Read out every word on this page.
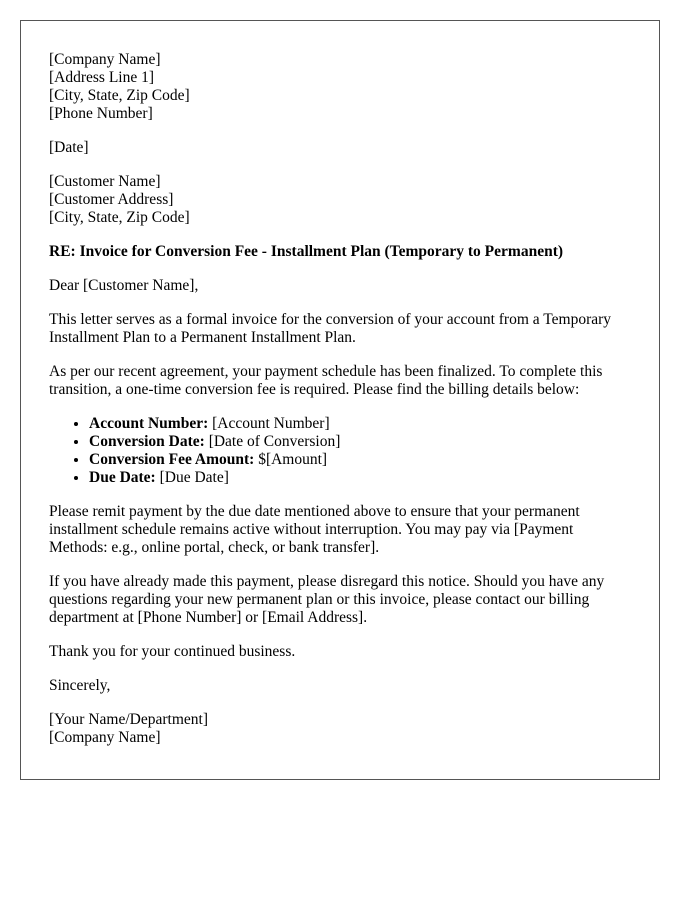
[Company Name]
[Address Line 1]
[City, State, Zip Code]
[Phone Number]
[Date]
[Customer Name]
[Customer Address]
[City, State, Zip Code]
RE: Invoice for Conversion Fee - Installment Plan (Temporary to Permanent)

Dear [Customer Name],

This letter serves as a formal invoice for the conversion of your account from a Temporary Installment Plan to a Permanent Installment Plan.

As per our recent agreement, your payment schedule has been finalized. To complete this transition, a one-time conversion fee is required. Please find the billing details below:

• Account Number: [Account Number]
• Conversion Date: [Date of Conversion]
• Conversion Fee Amount: $[Amount]
• Due Date: [Due Date]

Please remit payment by the due date mentioned above to ensure that your permanent installment schedule remains active without interruption. You may pay via [Payment Methods: e.g., online portal, check, or bank transfer].

If you have already made this payment, please disregard this notice. Should you have any questions regarding your new permanent plan or this invoice, please contact our billing department at [Phone Number] or [Email Address].

Thank you for your continued business.

Sincerely,

[Your Name/Department]
[Company Name]
